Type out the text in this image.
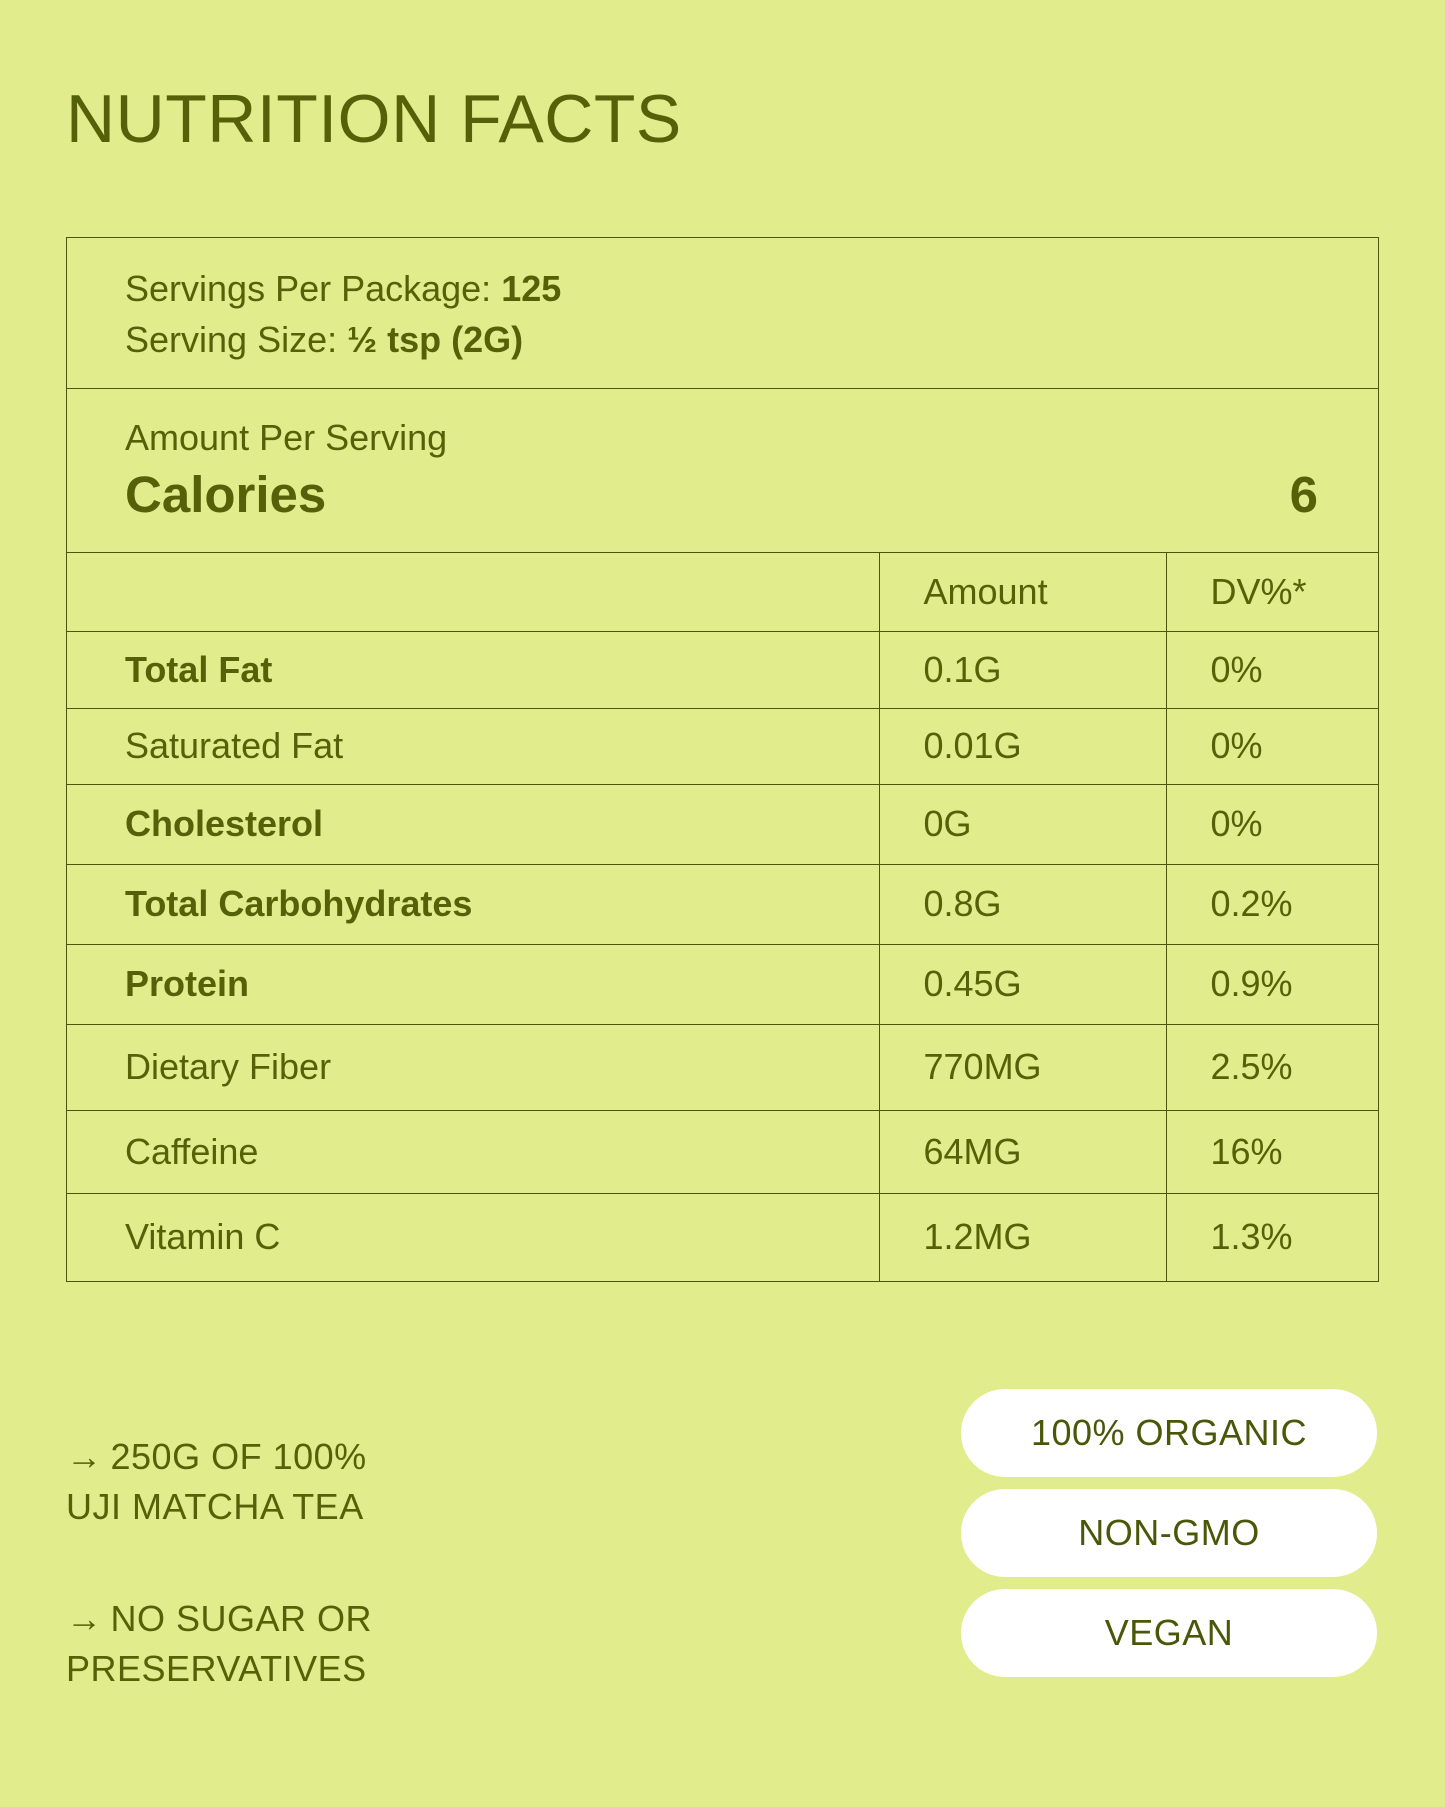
NUTRITION FACTS
Servings Per Package: 125
Serving Size: ½ tsp (2G)
Amount Per Serving
Calories	6
	Amount	DV%*
Total Fat	0.1G	0%
Saturated Fat	0.01G	0%
Cholesterol	0G	0%
Total Carbohydrates	0.8G	0.2%
Protein	0.45G	0.9%
Dietary Fiber	770MG	2.5%
Caffeine	64MG	16%
Vitamin C	1.2MG	1.3%
→ 250G OF 100%
UJI MATCHA TEA
→ NO SUGAR OR
PRESERVATIVES
100% ORGANIC
NON-GMO
VEGAN
